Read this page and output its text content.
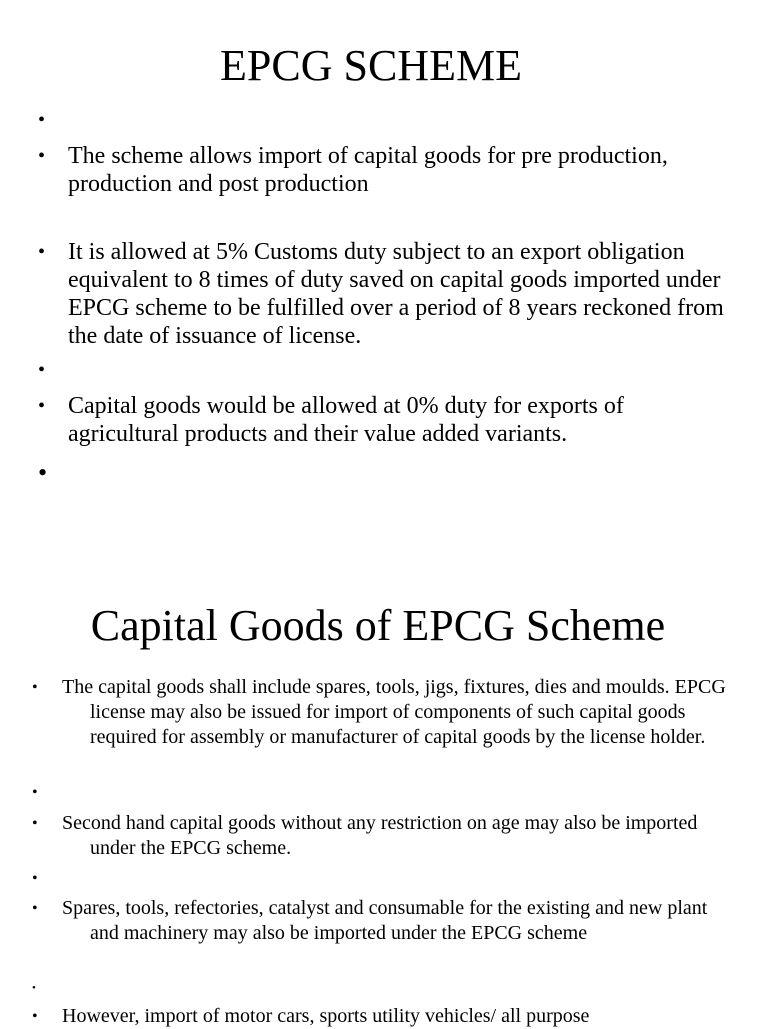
EPCG SCHEME
•
• The scheme allows import of capital goods for pre production, production and post production
• It is allowed at 5% Customs duty subject to an export obligation equivalent to 8 times of duty saved on capital goods imported under EPCG scheme to be fulfilled over a period of 8 years reckoned from the date of issuance of license.
•
• Capital goods would be allowed at 0% duty for exports of agricultural products and their value added variants.
•
Capital Goods of EPCG Scheme
• The capital goods shall include spares, tools, jigs, fixtures, dies and moulds. EPCG license may also be issued for import of components of such capital goods required for assembly or manufacturer of capital goods by the license holder.
•
• Second hand capital goods without any restriction on age may also be imported under the EPCG scheme.
•
• Spares, tools, refectories, catalyst and consumable for the existing and new plant and machinery may also be imported under the EPCG scheme
•
• However, import of motor cars, sports utility vehicles/ all purpose
